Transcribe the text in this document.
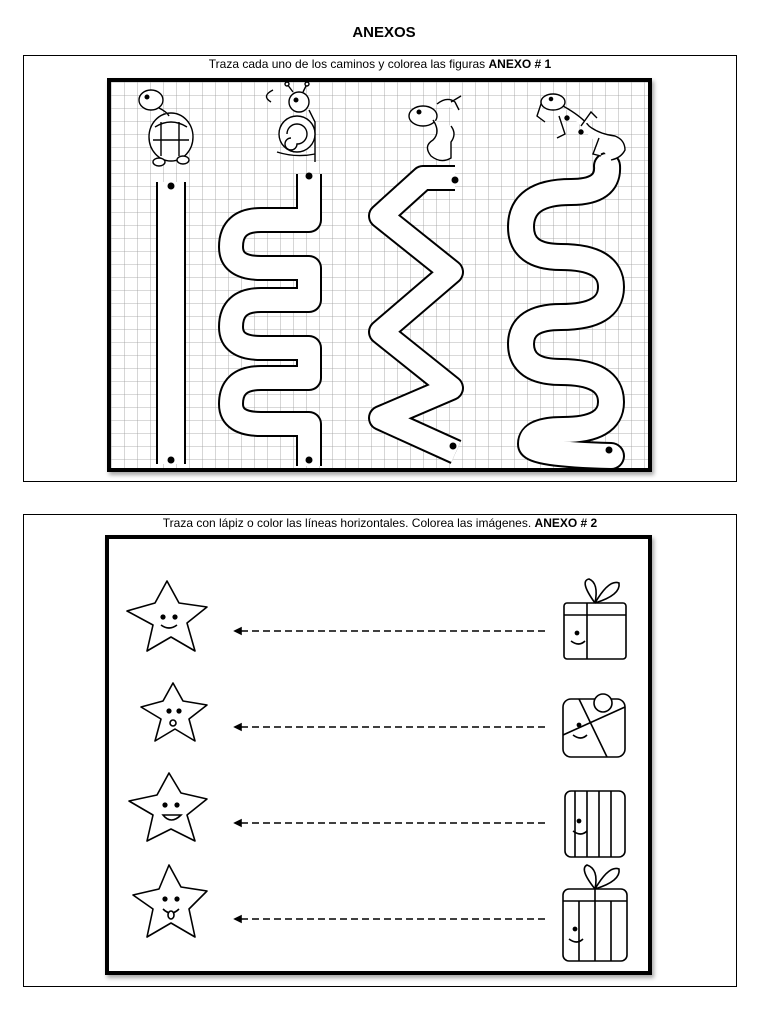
ANEXOS
Traza cada uno de los caminos y colorea las figuras ANEXO # 1
Traza con lápiz o color las líneas horizontales. Colorea las imágenes. ANEXO # 2
